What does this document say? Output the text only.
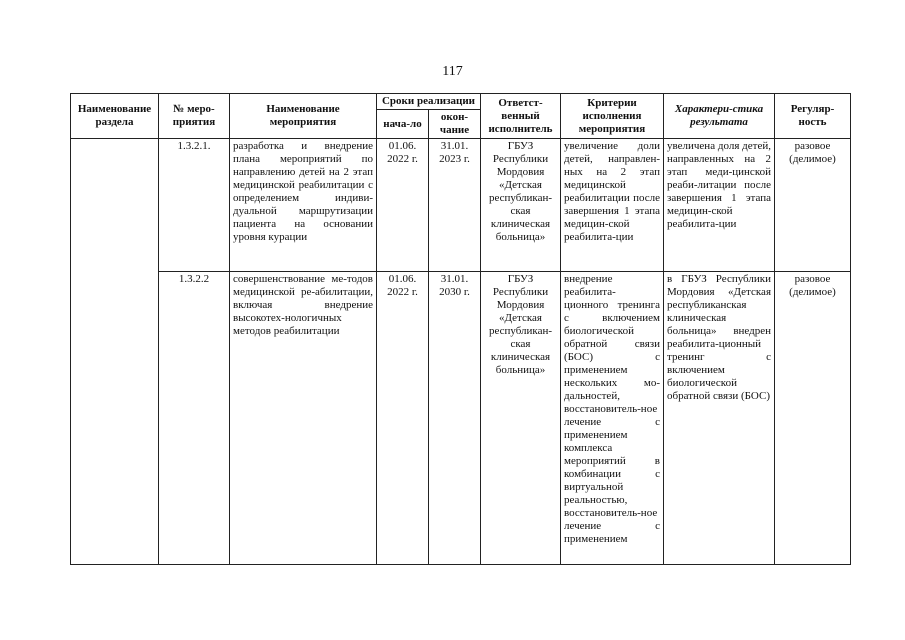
117
Наименование раздела	№ меро-приятия	Наименование мероприятия	Сроки реализации		Ответст-венный исполнитель	Критерии исполнения мероприятия	Характери-стика результата	Регуляр-ность
			нача-ло	окон-чание				
	1.3.2.1.	разработка и внедрение плана мероприятий по направлению детей на 2 этап медицинской реабилитации с определением индиви-дуальной маршрутизации пациента на основании уровня курации	01.06. 2022 г.	31.01. 2023 г.	ГБУЗ Республики Мордовия «Детская республикан-ская клиническая больница»	увеличение доли детей, направлен-ных на 2 этап медицинской реабилитации после завершения 1 этапа медицин-ской реабилита-ции	увеличена доля детей, направленных на 2 этап меди-цинской реаби-литации после завершения 1 этапа медицин-ской реабилита-ции	разовое (делимое)
	1.3.2.2	совершенствование ме-тодов медицинской ре-абилитации, включая внедрение высокотех-нологичных методов реабилитации	01.06. 2022 г.	31.01. 2030 г.	ГБУЗ Республики Мордовия «Детская республикан-ская клиническая больница»	внедрение реабилита-ционного тренинга с включением биологической обратной связи (БОС) с применением нескольких мо-дальностей, восстановитель-ное лечение с применением комплекса мероприятий в комбинации с виртуальной реальностью, восстановитель-ное лечение с применением	в ГБУЗ Республики Мордовия «Детская республиканская клиническая больница» внедрен реабилита-ционный тренинг с включением биологической обратной связи (БОС)	разовое (делимое)
